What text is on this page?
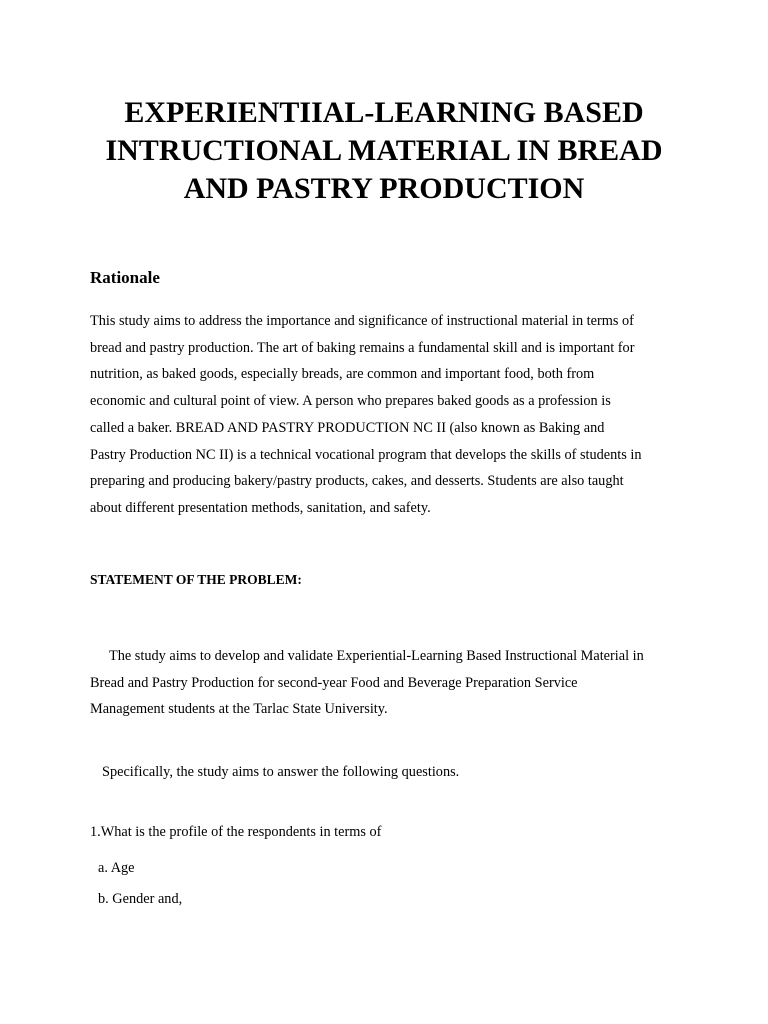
EXPERIENTIIAL-LEARNING BASED
INTRUCTIONAL MATERIAL IN BREAD
AND PASTRY PRODUCTION
Rationale

This study aims to address the importance and significance of instructional material in terms of
bread and pastry production. The art of baking remains a fundamental skill and is important for
nutrition, as baked goods, especially breads, are common and important food, both from
economic and cultural point of view. A person who prepares baked goods as a profession is
called a baker. BREAD AND PASTRY PRODUCTION NC II (also known as Baking and
Pastry Production NC II) is a technical vocational program that develops the skills of students in
preparing and producing bakery/pastry products, cakes, and desserts. Students are also taught
about different presentation methods, sanitation, and safety.

STATEMENT OF THE PROBLEM:

The study aims to develop and validate Experiential-Learning Based Instructional Material in
Bread and Pastry Production for second-year Food and Beverage Preparation Service
Management students at the Tarlac State University.

Specifically, the study aims to answer the following questions.

1.What is the profile of the respondents in terms of

a. Age
b. Gender and,
